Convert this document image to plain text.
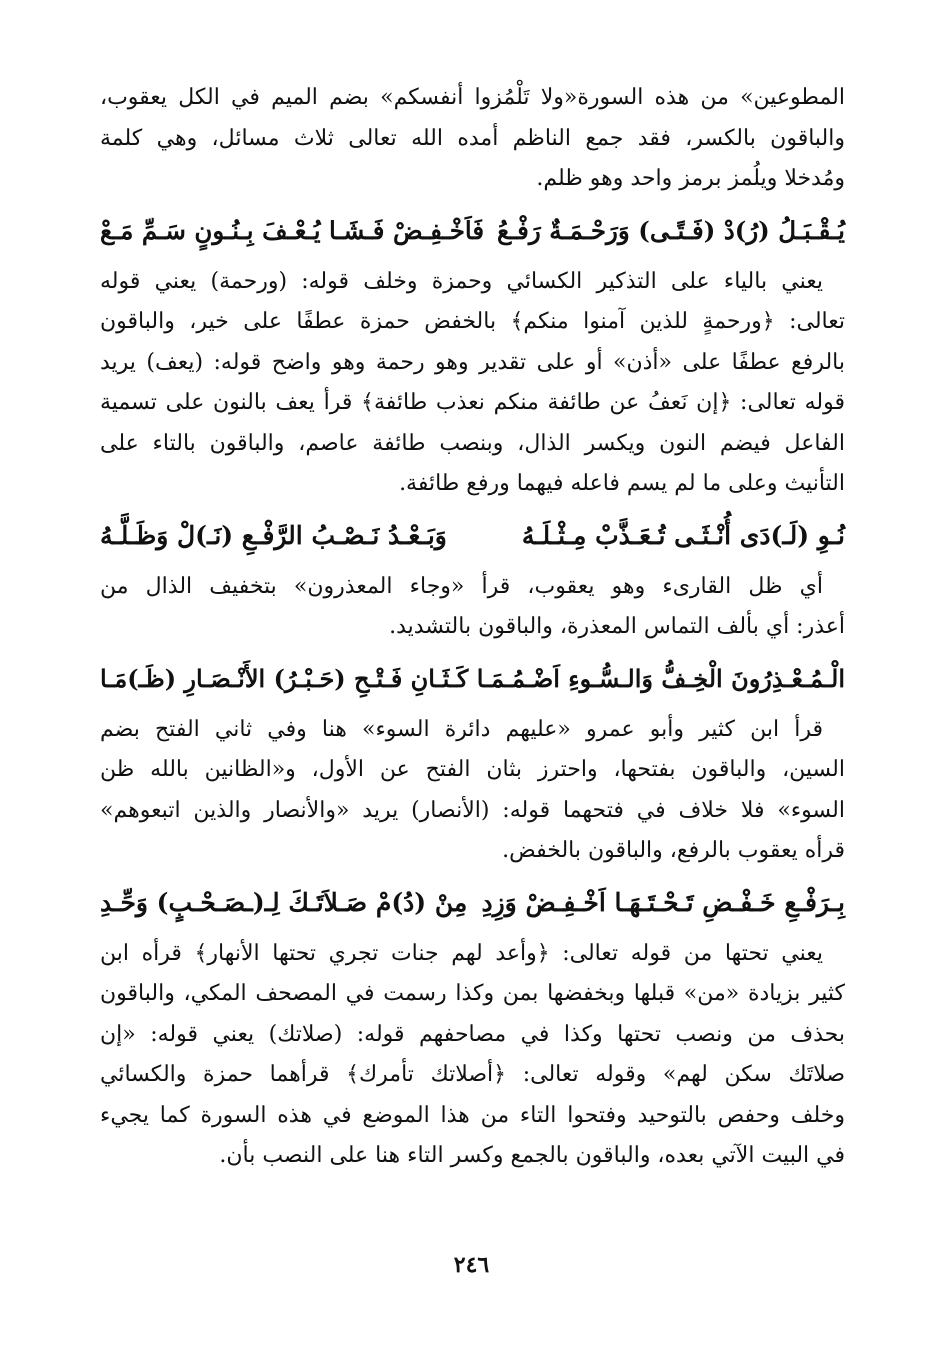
المطوعين» من هذه السورة«ولا تَلْمُزوا أنفسكم» بضم الميم في الكل يعقوب،
والباقون بالكسر، فقد جمع الناظم أمده الله تعالى ثلاث مسائل، وهي كلمة
ومُدخلا ويلُمز برمز واحد وهو ظلم.
يُـقْـبَـلُ (رُ)دْ (فَـتًـى) وَرَحْـمَـةٌ رَفْـعُ
فَاَخْـفِـضْ فَـشَـا يُـعْـفَ بِـنُـونٍ سَـمِّ مَـعْ
يعني بالياء على التذكير الكسائي وحمزة وخلف قوله: (ورحمة) يعني قوله
تعالى: ﴿ورحمةٍ للذين آمنوا منكم﴾ بالخفض حمزة عطفًا على خير، والباقون
بالرفع عطفًا على «أذن» أو على تقدير وهو رحمة وهو واضح قوله: (يعف) يريد
قوله تعالى: ﴿إن نَعفُ عن طائفة منكم نعذب طائفة﴾ قرأ يعف بالنون على تسمية
الفاعل فيضم النون ويكسر الذال، وبنصب طائفة عاصم، والباقون بالتاء على
التأنيث وعلى ما لم يسم فاعله فيهما ورفع طائفة.
نُـوِ (لَـ)دَى أُنْـثَـى تُـعَـذَّبْ مِـثْـلَـهُ
وَبَـعْـدُ نَـصْـبُ الرَّفْـعِ (نَـ)لْ وَظَـلَّـهُ
أي ظل القارىء وهو يعقوب، قرأ «وجاء المعذرون» بتخفيف الذال من
أعذر: أي بألف التماس المعذرة، والباقون بالتشديد.
الْـمُـعْـذِرُونَ الْخِـفُّ وَالـسُّـوءِ اَضْـمُـمَـا
كَـثَـانِ فَـتْـحِ (حَـبْـرُ) الأَنْـصَـارِ (ظَـ)مَـا
قرأ ابن كثير وأبو عمرو «عليهم دائرة السوء» هنا وفي ثاني الفتح بضم
السين، والباقون بفتحها، واحترز بثان الفتح عن الأول، و«الظانين بالله ظن
السوء» فلا خلاف في فتحهما قوله: (الأنصار) يريد «والأنصار والذين اتبعوهم»
قرأه يعقوب بالرفع، والباقون بالخفض.
بِـرَفْـعِ خَـفْـضِ تَـحْـتَـهَـا اَخْـفِـضْ وَزِدِ
مِنْ (دُ)مْ صَـلاَتَـكَ لِـ(ـصَـحْـبٍ) وَحِّـدِ
يعني تحتها من قوله تعالى: ﴿وأعد لهم جنات تجري تحتها الأنهار﴾ قرأه ابن
كثير بزيادة «من» قبلها وبخفضها بمن وكذا رسمت في المصحف المكي، والباقون
بحذف من ونصب تحتها وكذا في مصاحفهم قوله: (صلاتك) يعني قوله: «إن
صلاتَك سكن لهم» وقوله تعالى: ﴿أصلاتك تأمرك﴾ قرأهما حمزة والكسائي
وخلف وحفص بالتوحيد وفتحوا التاء من هذا الموضع في هذه السورة كما يجيء
في البيت الآتي بعده، والباقون بالجمع وكسر التاء هنا على النصب بأن.
٢٤٦
